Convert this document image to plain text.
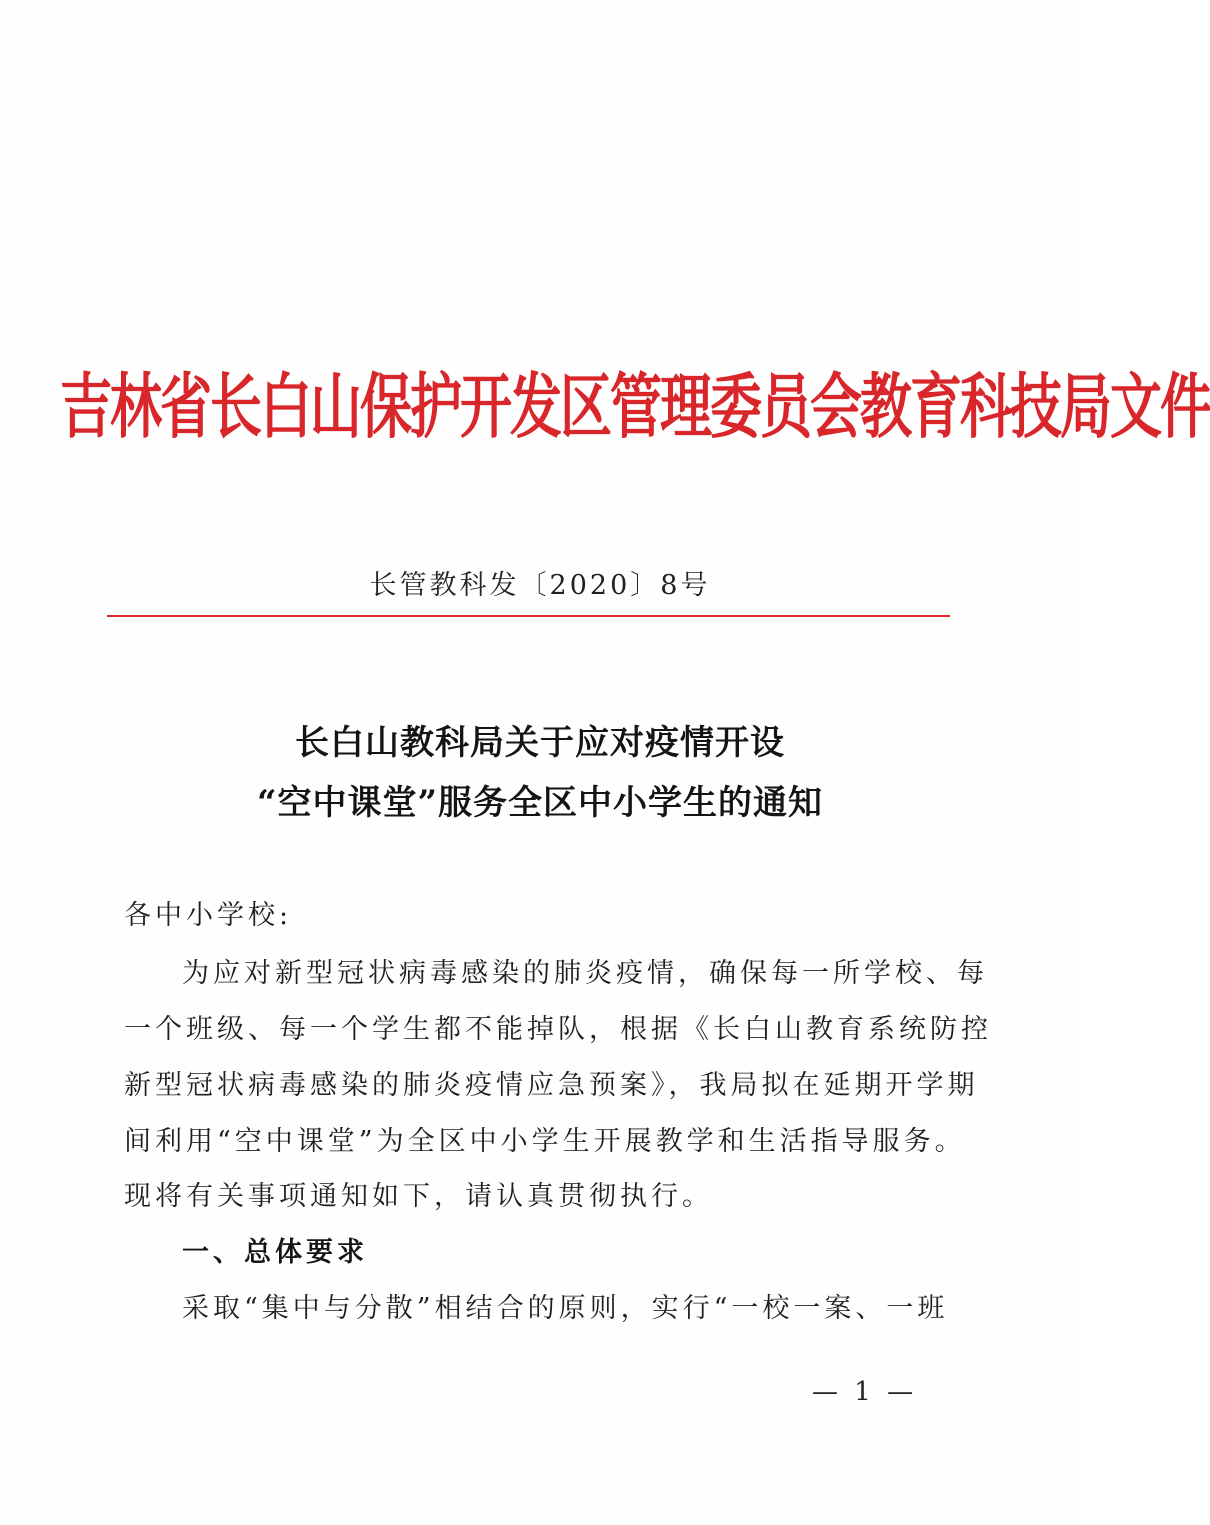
吉林省长白山保护开发区管理委员会教育科技局文件
长管教科发〔2020〕8号
长白山教科局关于应对疫情开设
“空中课堂”服务全区中小学生的通知
各中小学校:
为应对新型冠状病毒感染的肺炎疫情，确保每一所学校、每
一个班级、每一个学生都不能掉队，根据《长白山教育系统防控
新型冠状病毒感染的肺炎疫情应急预案》，我局拟在延期开学期
间利用“空中课堂”为全区中小学生开展教学和生活指导服务。
现将有关事项通知如下，请认真贯彻执行。
一、总体要求
采取“集中与分散”相结合的原则，实行“一校一案、一班
— 1 —
